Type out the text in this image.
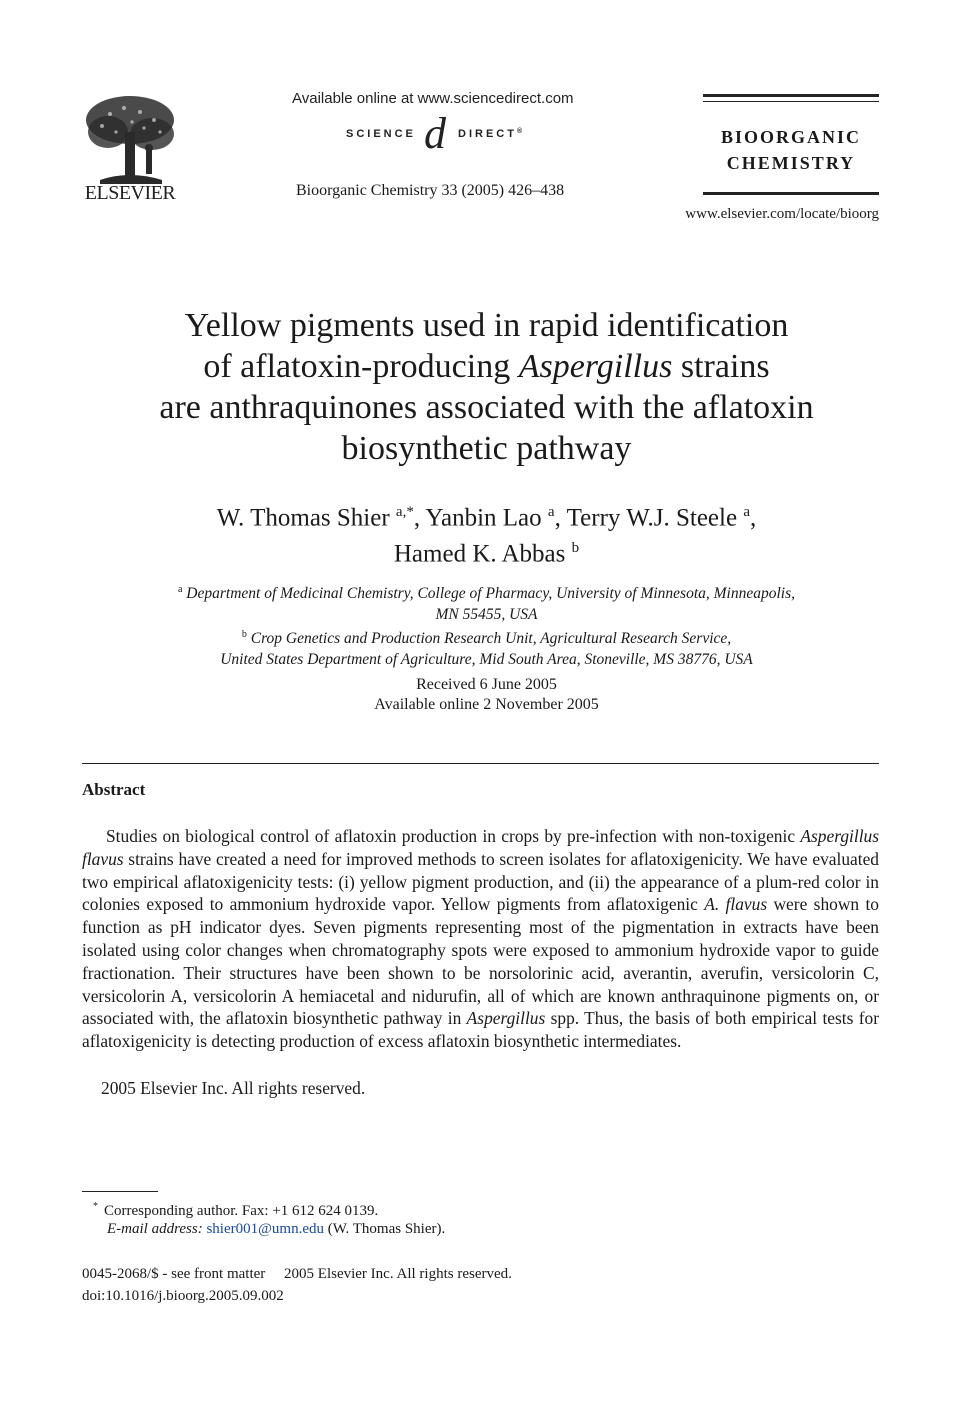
ELSEVIER
Available online at www.sciencedirect.com
SCIENCE d DIRECT®
Bioorganic Chemistry 33 (2005) 426–438
BIOORGANIC
CHEMISTRY
www.elsevier.com/locate/bioorg
Yellow pigments used in rapid identification
of aflatoxin-producing Aspergillus strains
are anthraquinones associated with the aflatoxin
biosynthetic pathway
W. Thomas Shier $^{a,*}$, Yanbin Lao $^a$, Terry W.J. Steele $^a$,
Hamed K. Abbas $^b$
$^a$ Department of Medicinal Chemistry, College of Pharmacy, University of Minnesota, Minneapolis,
MN 55455, USA
$^b$ Crop Genetics and Production Research Unit, Agricultural Research Service,
United States Department of Agriculture, Mid South Area, Stoneville, MS 38776, USA
Received 6 June 2005
Available online 2 November 2005
Abstract

Studies on biological control of aflatoxin production in crops by pre-infection with non-toxigenic Aspergillus flavus strains have created a need for improved methods to screen isolates for aflatoxigenicity. We have evaluated two empirical aflatoxigenicity tests: (i) yellow pigment production, and (ii) the appearance of a plum-red color in colonies exposed to ammonium hydroxide vapor. Yellow pigments from aflatoxigenic A. flavus were shown to function as pH indicator dyes. Seven pigments representing most of the pigmentation in extracts have been isolated using color changes when chromatography spots were exposed to ammonium hydroxide vapor to guide fractionation. Their structures have been shown to be norsolorinic acid, averantin, averufin, versicolorin C, versicolorin A, versicolorin A hemiacetal and nidurufin, all of which are known anthraquinone pigments on, or associated with, the aflatoxin biosynthetic pathway in Aspergillus spp. Thus, the basis of both empirical tests for aflatoxigenicity is detecting production of excess aflatoxin biosynthetic intermediates.

2005 Elsevier Inc. All rights reserved.
* Corresponding author. Fax: +1 612 624 0139.
E-mail address: shier001@umn.edu (W. Thomas Shier).
0045-2068/$ - see front matter 2005 Elsevier Inc. All rights reserved.
doi:10.1016/j.bioorg.2005.09.002
